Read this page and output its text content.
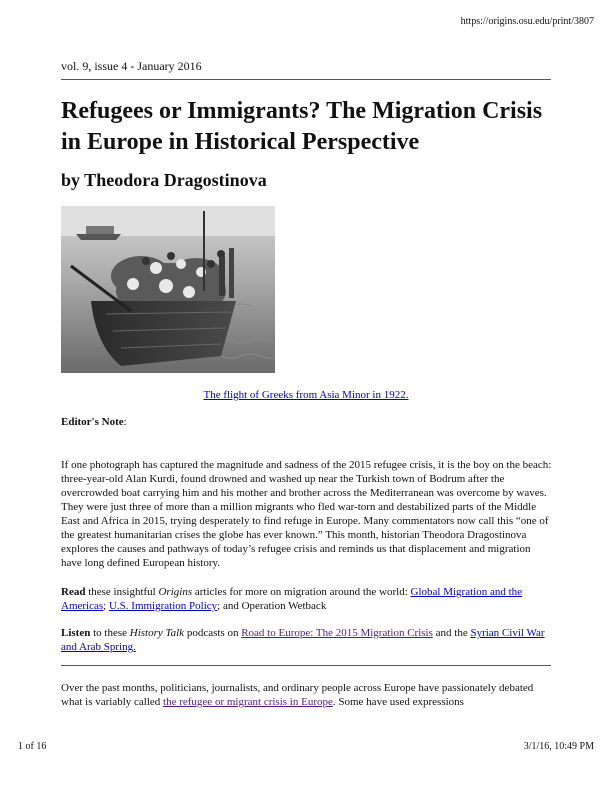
https://origins.osu.edu/print/3807
vol. 9, issue 4 - January 2016
Refugees or Immigrants? The Migration Crisis in Europe in Historical Perspective
by Theodora Dragostinova
The flight of Greeks from Asia Minor in 1922.
Editor's Note:
If one photograph has captured the magnitude and sadness of the 2015 refugee crisis, it is the boy on the beach: three-year-old Alan Kurdi, found drowned and washed up near the Turkish town of Bodrum after the overcrowded boat carrying him and his mother and brother across the Mediterranean was overcome by waves. They were just three of more than a million migrants who fled war-torn and destabilized parts of the Middle East and Africa in 2015, trying desperately to find refuge in Europe. Many commentators now call this “one of the greatest humanitarian crises the globe has ever known.” This month, historian Theodora Dragostinova explores the causes and pathways of today’s refugee crisis and reminds us that displacement and migration have long defined European history.
Read these insightful Origins articles for more on migration around the world: Global Migration and the Americas; U.S. Immigration Policy; and Operation Wetback
Listen to these History Talk podcasts on Road to Europe: The 2015 Migration Crisis and the Syrian Civil War and Arab Spring.
Over the past months, politicians, journalists, and ordinary people across Europe have passionately debated what is variably called the refugee or migrant crisis in Europe. Some have used expressions
1 of 16	3/1/16, 10:49 PM
